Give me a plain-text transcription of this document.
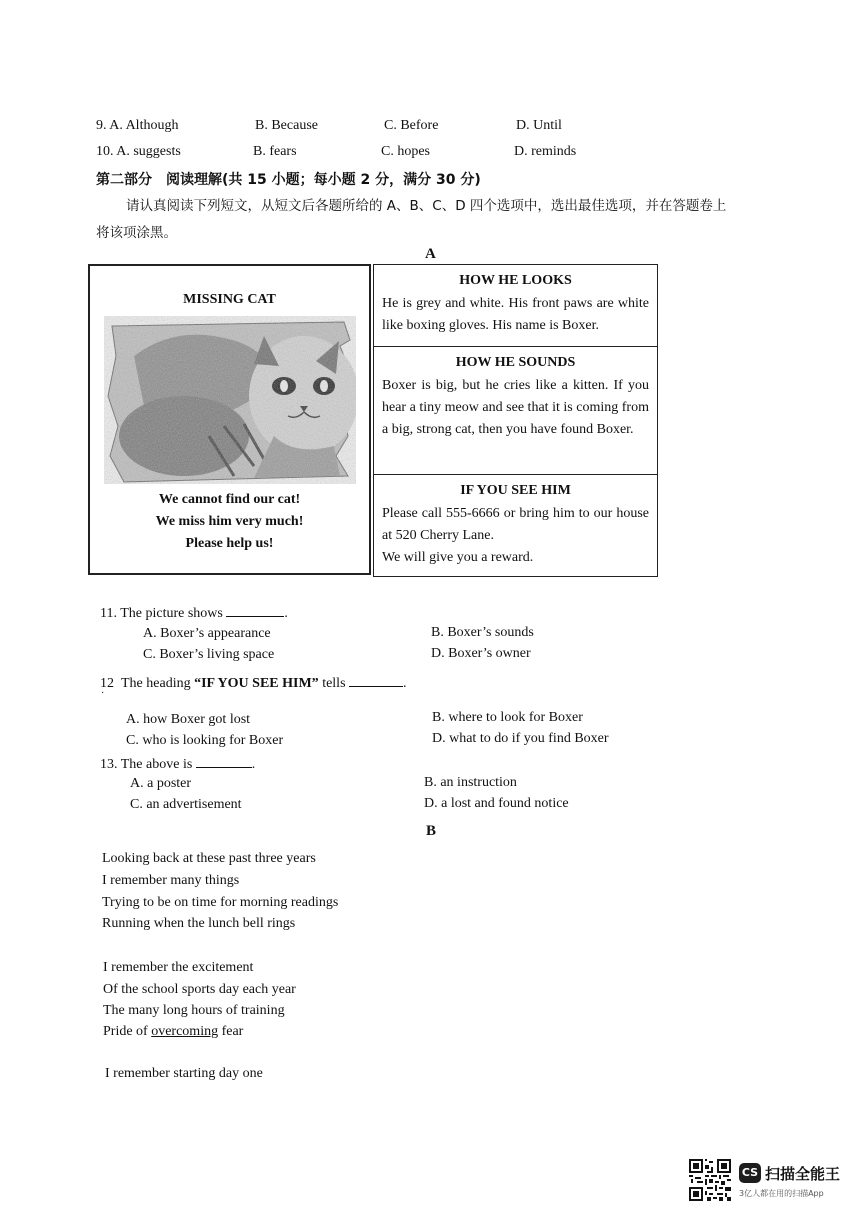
9. A. Although	B. Because	C. Before	D. Until
10. A. suggests	B. fears	C. hopes	D. reminds
第二部分　阅读理解(共 15 小题；每小题 2 分，满分 30 分)
请认真阅读下列短文，从短文后各题所给的 A、B、C、D 四个选项中，选出最佳选项，并在答题卷上
将该项涂黑。
A
MISSING CAT
We cannot find our cat!
We miss him very much!
Please help us!
HOW HE LOOKS
He is grey and white. His front paws are white like boxing gloves. His name is Boxer.
HOW HE SOUNDS
Boxer is big, but he cries like a kitten. If you hear a tiny meow and see that it is coming from a big, strong cat, then you have found Boxer.
IF YOU SEE HIM
Please call 555-6666 or bring him to our house at 520 Cherry Lane.
We will give you a reward.
11. The picture shows	.
A. Boxer’s appearance	B. Boxer’s sounds
C. Boxer’s living space	D. Boxer’s owner
12 The heading “IF YOU SEE HIM” tells	.
·
A. how Boxer got lost	B. where to look for Boxer
C. who is looking for Boxer	D. what to do if you find Boxer
13. The above is	.
A. a poster	B. an instruction
C. an advertisement	D. a lost and found notice
B
Looking back at these past three years
I remember many things
Trying to be on time for morning readings
Running when the lunch bell rings
I remember the excitement
Of the school sports day each year
The many long hours of training
Pride of overcoming fear
I remember starting day one
CS 扫描全能王
3亿人都在用的扫描App
